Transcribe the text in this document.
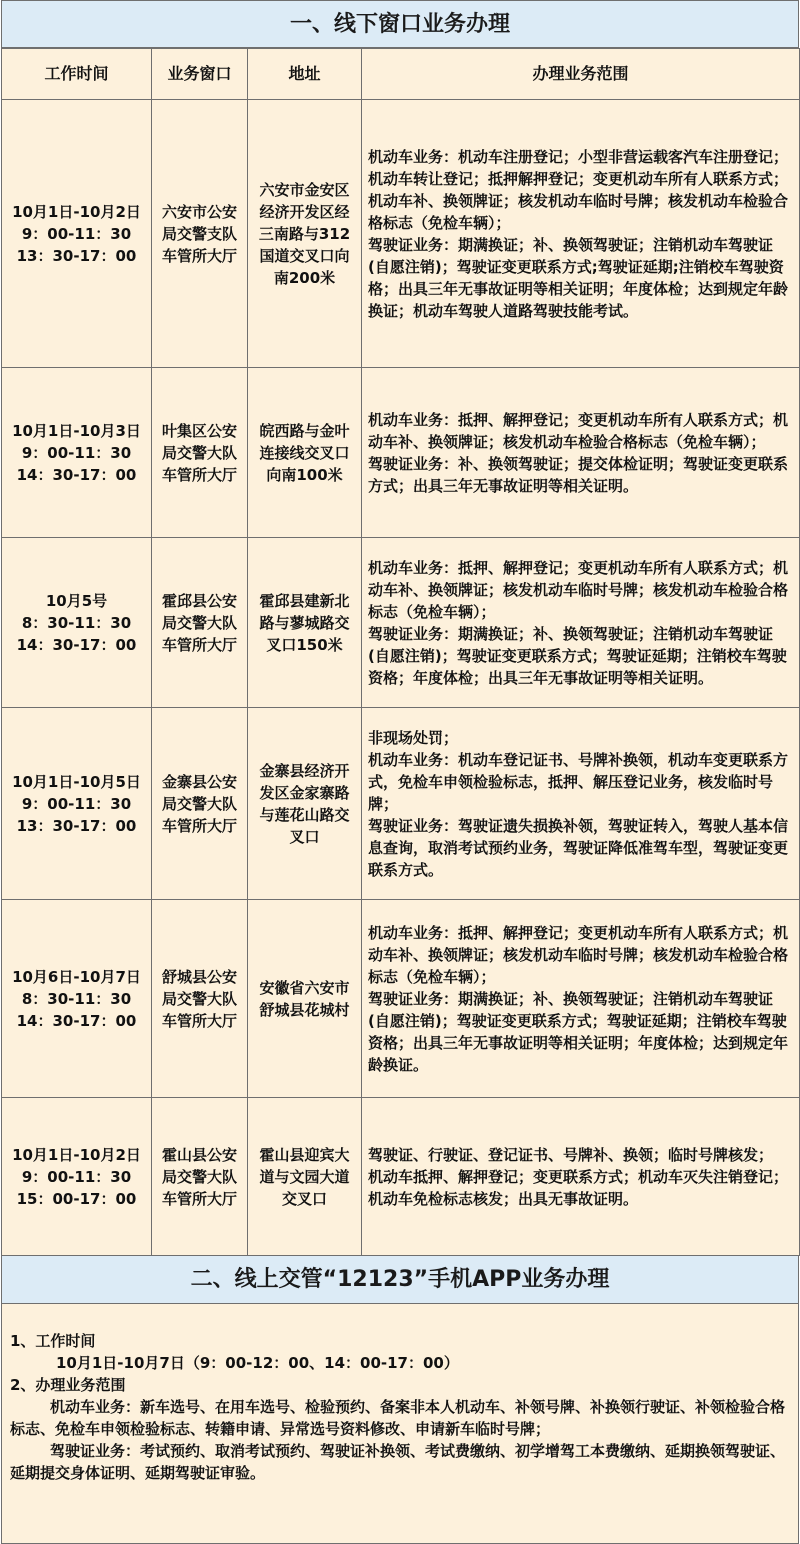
一、线下窗口业务办理
工作时间	业务窗口	地址	办理业务范围

10月1日-10月2日
9：00-11：30
13：30-17：00	六安市公安局交警支队车管所大厅	六安市金安区经济开发区经三南路与312国道交叉口向南200米	机动车业务：机动车注册登记；小型非营运载客汽车注册登记；机动车转让登记；抵押解押登记；变更机动车所有人联系方式；机动车补、换领牌证；核发机动车临时号牌；核发机动车检验合格标志（免检车辆）；
驾驶证业务：期满换证；补、换领驾驶证；注销机动车驾驶证(自愿注销)；驾驶证变更联系方式;驾驶证延期;注销校车驾驶资格；出具三年无事故证明等相关证明；年度体检；达到规定年龄换证；机动车驾驶人道路驾驶技能考试。

10月1日-10月3日
9：00-11：30
14：30-17：00	叶集区公安局交警大队车管所大厅	皖西路与金叶连接线交叉口向南100米	机动车业务：抵押、解押登记；变更机动车所有人联系方式；机动车补、换领牌证；核发机动车检验合格标志（免检车辆）；
驾驶证业务：补、换领驾驶证；提交体检证明；驾驶证变更联系方式；出具三年无事故证明等相关证明。

10月5号
8：30-11：30
14：30-17：00	霍邱县公安局交警大队车管所大厅	霍邱县建新北路与蓼城路交叉口150米	机动车业务：抵押、解押登记；变更机动车所有人联系方式；机动车补、换领牌证；核发机动车临时号牌；核发机动车检验合格标志（免检车辆）；
驾驶证业务：期满换证；补、换领驾驶证；注销机动车驾驶证(自愿注销)；驾驶证变更联系方式；驾驶证延期；注销校车驾驶资格；年度体检；出具三年无事故证明等相关证明。

10月1日-10月5日
9：00-11：30
13：30-17：00	金寨县公安局交警大队车管所大厅	金寨县经济开发区金家寨路与莲花山路交叉口	非现场处罚；
机动车业务：机动车登记证书、号牌补换领，机动车变更联系方式，免检车申领检验标志，抵押、解压登记业务，核发临时号牌；
驾驶证业务：驾驶证遗失损换补领，驾驶证转入，驾驶人基本信息查询，取消考试预约业务，驾驶证降低准驾车型，驾驶证变更联系方式。

10月6日-10月7日
8：30-11：30
14：30-17：00	舒城县公安局交警大队车管所大厅	安徽省六安市舒城县花城村	机动车业务：抵押、解押登记；变更机动车所有人联系方式；机动车补、换领牌证；核发机动车临时号牌；核发机动车检验合格标志（免检车辆）；
驾驶证业务：期满换证；补、换领驾驶证；注销机动车驾驶证(自愿注销)；驾驶证变更联系方式；驾驶证延期；注销校车驾驶资格；出具三年无事故证明等相关证明；年度体检；达到规定年龄换证。

10月1日-10月2日
9：00-11：30
15：00-17：00	霍山县公安局交警大队车管所大厅	霍山县迎宾大道与文园大道交叉口	驾驶证、行驶证、登记证书、号牌补、换领；临时号牌核发；
机动车抵押、解押登记；变更联系方式；机动车灭失注销登记；
机动车免检标志核发；出具无事故证明。
二、线上交管“12123”手机APP业务办理
1、工作时间
10月1日-10月7日（9：00-12：00、14：00-17：00）
2、办理业务范围
机动车业务：新车选号、在用车选号、检验预约、备案非本人机动车、补领号牌、补换领行驶证、补领检验合格标志、免检车申领检验标志、转籍申请、异常选号资料修改、申请新车临时号牌；
驾驶证业务：考试预约、取消考试预约、驾驶证补换领、考试费缴纳、初学增驾工本费缴纳、延期换领驾驶证、延期提交身体证明、延期驾驶证审验。
